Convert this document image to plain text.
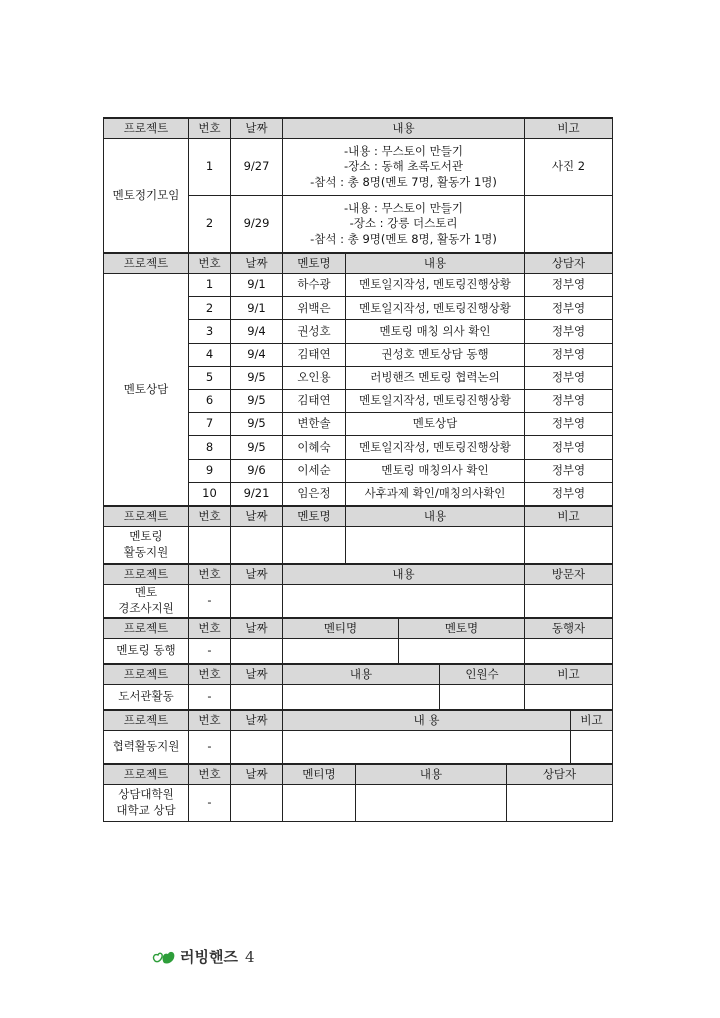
프로젝트	번호	날짜	내용	비고
멘토정기모임	1	9/27	-내용 : 무스토이 만들기
-장소 : 동해 초록도서관
-참석 : 총 8명(멘토 7명, 활동가 1명)	사진 2
	2	9/29	-내용 : 무스토이 만들기
-장소 : 강릉 더스토리
-참석 : 총 9명(멘토 8명, 활동가 1명)	

프로젝트	번호	날짜	멘토명	내용	상담자
멘토상담	1	9/1	하수광	멘토일지작성, 멘토링진행상황	정부영
	2	9/1	위백은	멘토일지작성, 멘토링진행상황	정부영
	3	9/4	권성호	멘토링 매칭 의사 확인	정부영
	4	9/4	김태연	권성호 멘토상담 동행	정부영
	5	9/5	오인용	러빙핸즈 멘토링 협력논의	정부영
	6	9/5	김태연	멘토일지작성, 멘토링진행상황	정부영
	7	9/5	변한솔	멘토상담	정부영
	8	9/5	이혜숙	멘토일지작성, 멘토링진행상황	정부영
	9	9/6	이세순	멘토링 매칭의사 확인	정부영
	10	9/21	임은정	사후과제 확인/매칭의사확인	정부영
프로젝트	번호	날짜	멘토명	내용	비고

멘토링
활동지원					

프로젝트	번호	날짜	내용	방문자

멘토
경조사지원	-			
프로젝트	번호	날짜	멘티명	멘토명	동행자
멘토링 동행	-				
프로젝트	번호	날짜	내용	인원수	비고
도서관활동	-				
프로젝트	번호	날짜	내 용	비고
협력활동지원	-			
프로젝트	번호	날짜	멘티명	내용	상담자

상담대학원
대학교 상담	-				
러빙핸즈 4
